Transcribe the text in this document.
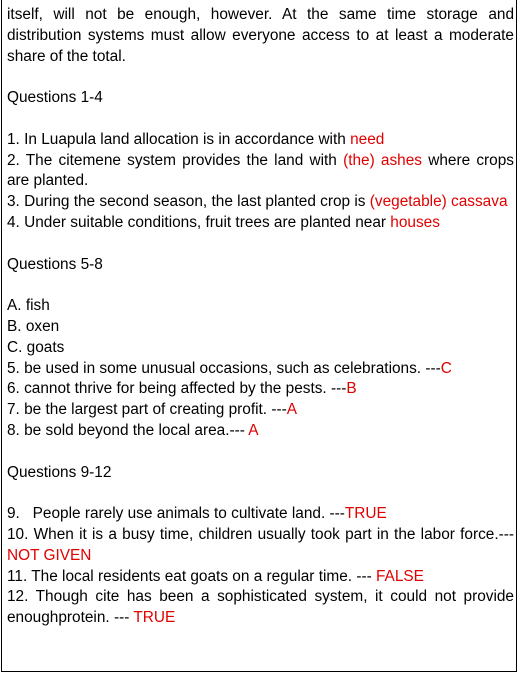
itself, will not be enough, however. At the same time storage and distribution systems must allow everyone access to at least a moderate share of the total.

Questions 1-4

1. In Luapula land allocation is in accordance with need

2. The citemene system provides the land with (the) ashes where crops are planted.

3. During the second season, the last planted crop is (vegetable) cassava

4. Under suitable conditions, fruit trees are planted near houses

Questions 5-8

A. fish

B. oxen

C. goats

5. be used in some unusual occasions, such as celebrations. ---C

6. cannot thrive for being affected by the pests. ---B

7. be the largest part of creating profit. ---A

8. be sold beyond the local area.--- A

Questions 9-12

9.   People rarely use animals to cultivate land. ---TRUE

10. When it is a busy time, children usually took part in the labor force.--- NOT GIVEN

11. The local residents eat goats on a regular time. --- FALSE

12. Though cite has been a sophisticated system, it could not provide enoughprotein. --- TRUE
